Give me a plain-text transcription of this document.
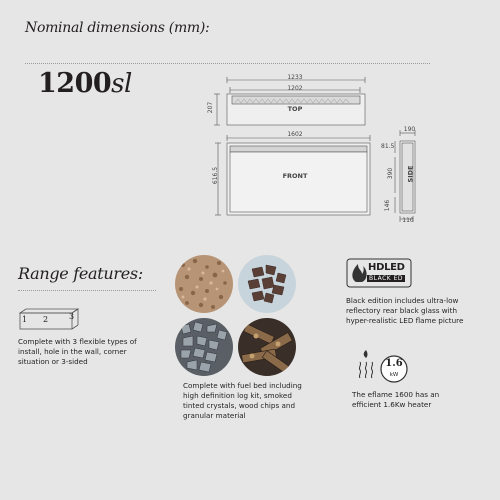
Nominal dimensions (mm):
1200sl	1233
1202
207	TOP
1602
616.5	FRONT
190
81.5
390
146
SIDE
110
Range features:
1 2	3
Complete with 3 flexible types of install, hole in the wall, corner situation or 3-sided
Complete with fuel bed including high definition log kit, smoked tinted crystals, wood chips and granular material
HDLED
BLACK ED
Black edition includes ultra-low reflectory rear black glass with hyper-realistic LED flame picture
1.6
kW
The eflame 1600 has an efficient 1.6Kw heater
